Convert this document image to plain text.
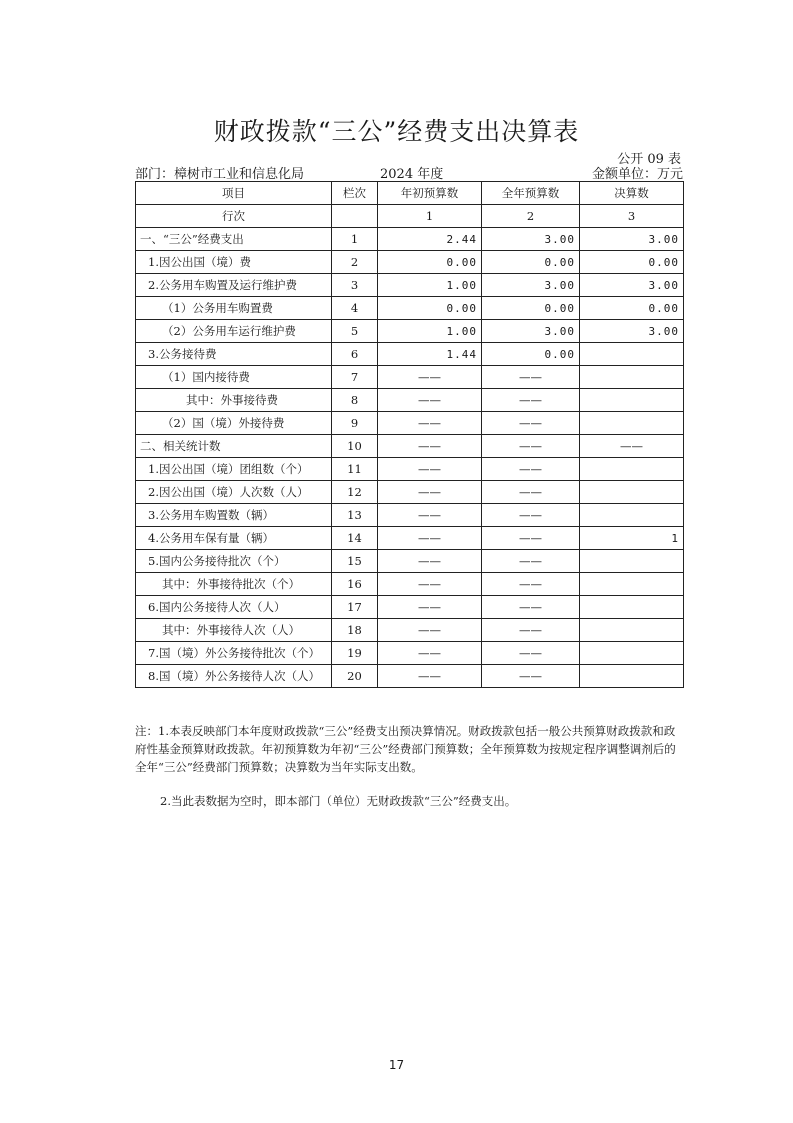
财政拨款“三公”经费支出决算表
公开 09 表
部门：樟树市工业和信息化局	2024 年度	金额单位：万元
项目	栏次	年初预算数	全年预算数	决算数
行次		1	2	3
一、“三公”经费支出	1	2.44	3.00	3.00
1.因公出国（境）费	2	0.00	0.00	0.00
2.公务用车购置及运行维护费	3	1.00	3.00	3.00
（1）公务用车购置费	4	0.00	0.00	0.00
（2）公务用车运行维护费	5	1.00	3.00	3.00
3.公务接待费	6	1.44	0.00	
（1）国内接待费	7	——	——	
其中：外事接待费	8	——	——	
（2）国（境）外接待费	9	——	——	
二、相关统计数	10	——	——	——
1.因公出国（境）团组数（个）	11	——	——	
2.因公出国（境）人次数（人）	12	——	——	
3.公务用车购置数（辆）	13	——	——	
4.公务用车保有量（辆）	14	——	——	1
5.国内公务接待批次（个）	15	——	——	
其中：外事接待批次（个）	16	——	——	
6.国内公务接待人次（人）	17	——	——	
其中：外事接待人次（人）	18	——	——	
7.国（境）外公务接待批次（个）	19	——	——	
8.国（境）外公务接待人次（人）	20	——	——	

注：1.本表反映部门本年度财政拨款“三公”经费支出预决算情况。财政拨款包括一般公共预算财政拨款和政府性基金预算财政拨款。年初预算数为年初“三公”经费部门预算数；全年预算数为按规定程序调整调剂后的全年“三公”经费部门预算数；决算数为当年实际支出数。

2.当此表数据为空时，即本部门（单位）无财政拨款“三公”经费支出。
17
